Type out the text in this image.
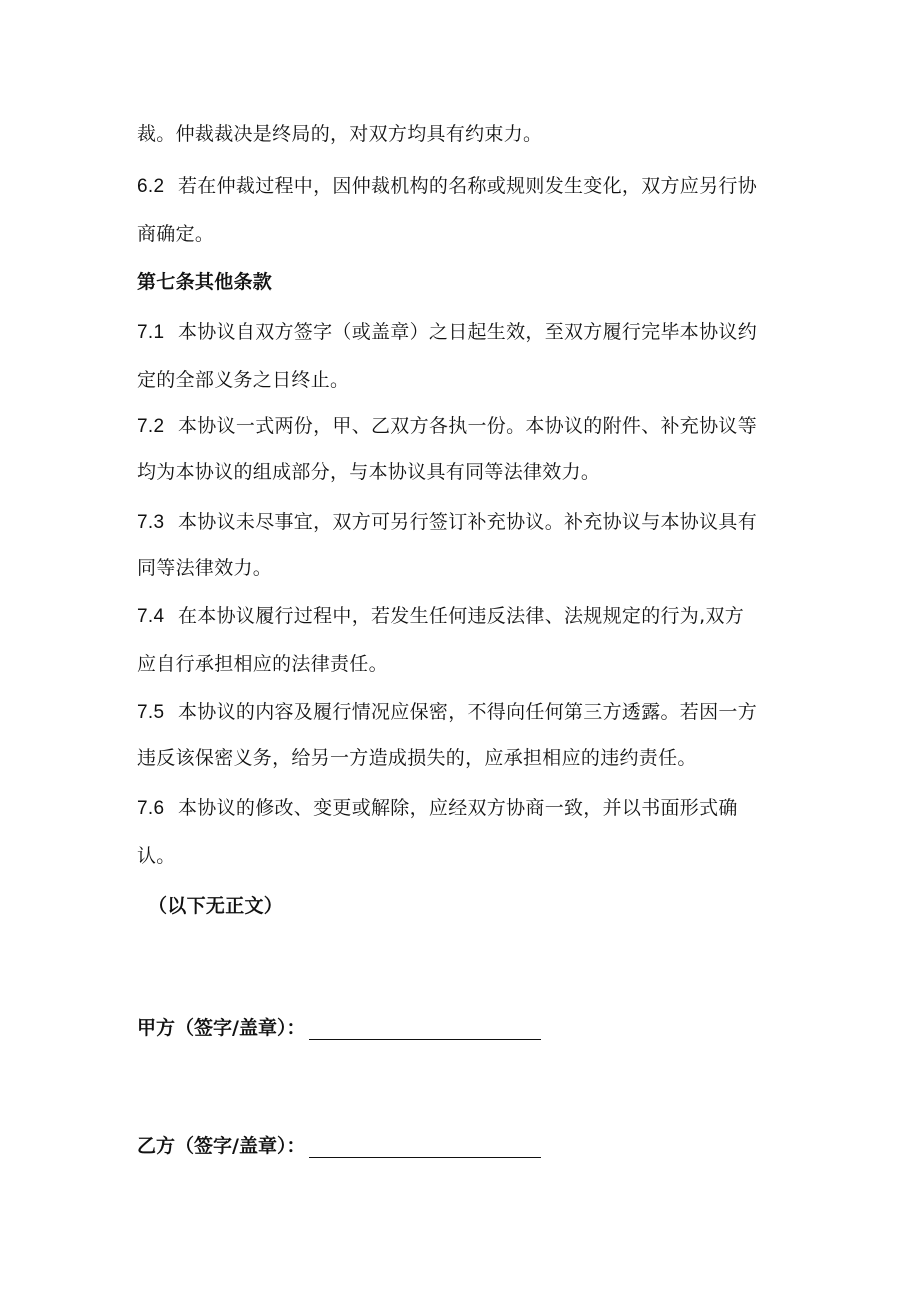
裁。仲裁裁决是终局的，对双方均具有约束力。
6.2 若在仲裁过程中，因仲裁机构的名称或规则发生变化，双方应另行协
商确定。
第七条其他条款
7.1 本协议自双方签字（或盖章）之日起生效，至双方履行完毕本协议约
定的全部义务之日终止。
7.2 本协议一式两份，甲、乙双方各执一份。本协议的附件、补充协议等
均为本协议的组成部分，与本协议具有同等法律效力。
7.3 本协议未尽事宜，双方可另行签订补充协议。补充协议与本协议具有
同等法律效力。
7.4 在本协议履行过程中，若发生任何违反法律、法规规定的行为,双方
应自行承担相应的法律责任。
7.5 本协议的内容及履行情况应保密，不得向任何第三方透露。若因一方
违反该保密义务，给另一方造成损失的，应承担相应的违约责任。
7.6 本协议的修改、变更或解除，应经双方协商一致，并以书面形式确
认。
（以下无正文）
甲方（签字/盖章）：
乙方（签字/盖章）：
